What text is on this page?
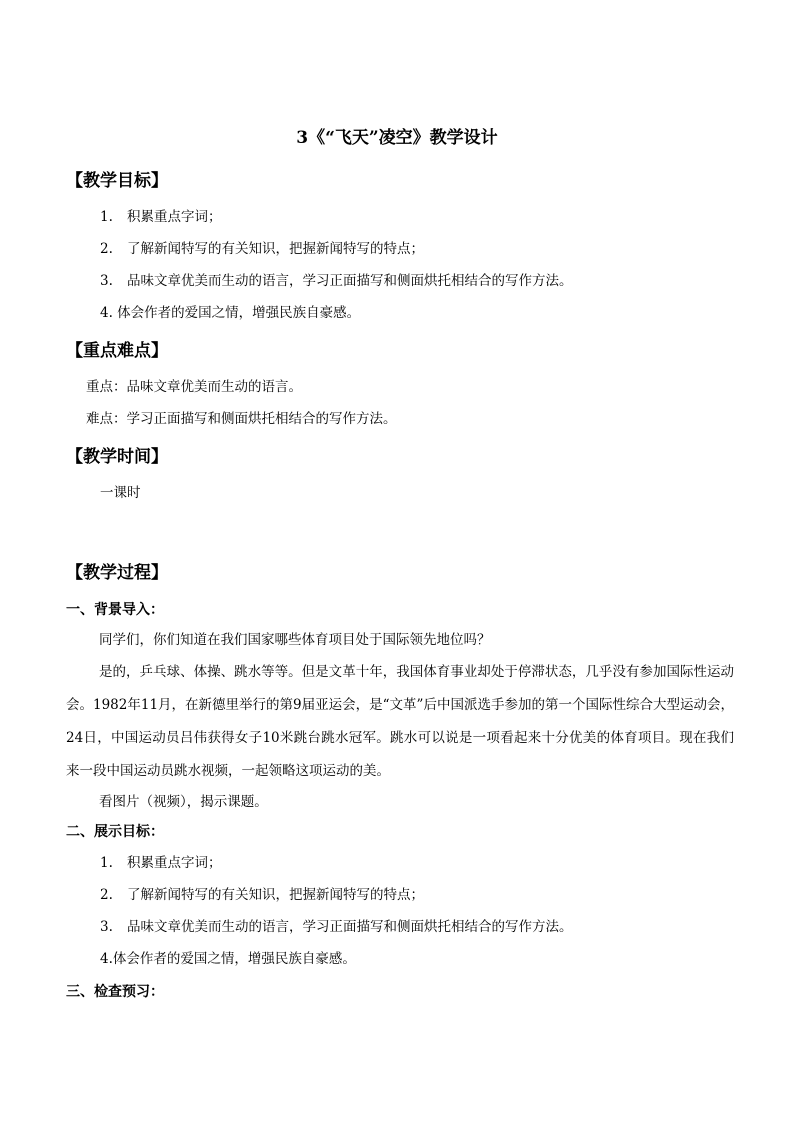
3《“飞天”凌空》教学设计
【教学目标】
1. 积累重点字词；
2. 了解新闻特写的有关知识，把握新闻特写的特点；
3. 品味文章优美而生动的语言，学习正面描写和侧面烘托相结合的写作方法。
4. 体会作者的爱国之情，增强民族自豪感。
【重点难点】
重点：品味文章优美而生动的语言。
难点：学习正面描写和侧面烘托相结合的写作方法。
【教学时间】
一课时
【教学过程】
一、背景导入：
同学们，你们知道在我们国家哪些体育项目处于国际领先地位吗？
是的，乒乓球、体操、跳水等等。但是文革十年，我国体育事业却处于停滞状态，几乎没有参加国际性运动会。1982年11月，在新德里举行的第9届亚运会，是“文革”后中国派选手参加的第一个国际性综合大型运动会，24日，中国运动员吕伟获得女子10米跳台跳水冠军。跳水可以说是一项看起来十分优美的体育项目。现在我们来一段中国运动员跳水视频，一起领略这项运动的美。
看图片（视频），揭示课题。
二、展示目标：
1. 积累重点字词；
2. 了解新闻特写的有关知识，把握新闻特写的特点；
3. 品味文章优美而生动的语言，学习正面描写和侧面烘托相结合的写作方法。
4.体会作者的爱国之情，增强民族自豪感。
三、检查预习：
